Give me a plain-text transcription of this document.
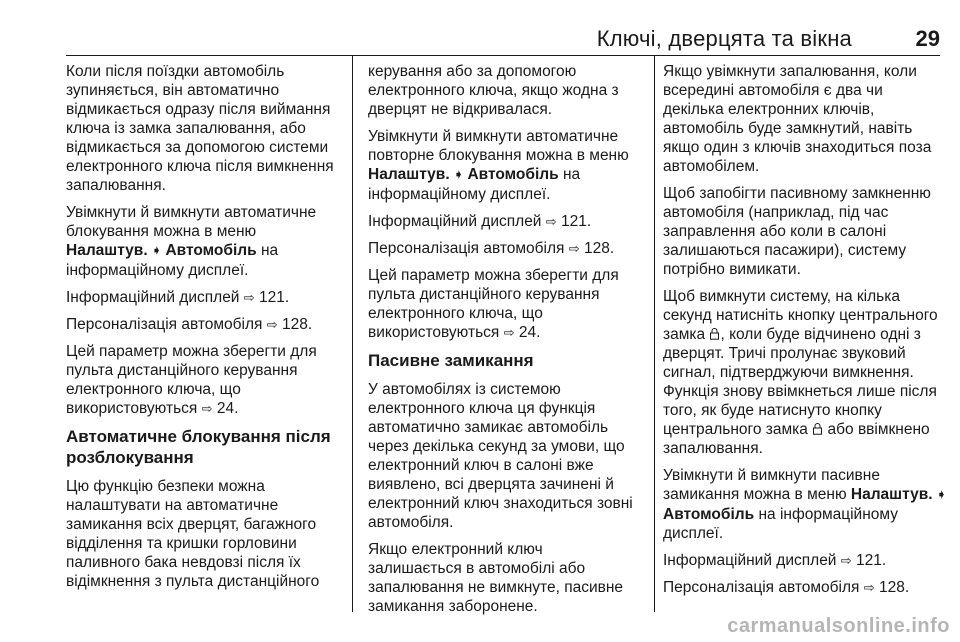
Ключі, дверцята та вікна	29

Коли після поїздки автомобіль зупиняється, він автоматично відмикається одразу після виймання ключа із замка запалювання, або відмикається за допомогою системи електронного ключа після вимкнення запалювання.

Увімкнути й вимкнути автоматичне блокування можна в меню Налаштув. ➧ Автомобіль на інформаційному дисплеї.

Інформаційний дисплей ⇨ 121.

Персоналізація автомобіля ⇨ 128.

Цей параметр можна зберегти для пульта дистанційного керування електронного ключа, що використовуються ⇨ 24.

Автоматичне блокування після розблокування

Цю функцію безпеки можна налаштувати на автоматичне замикання всіх дверцят, багажного відділення та кришки горловини паливного бака невдовзі після їх відімкнення з пульта дистанційного

керування або за допомогою електронного ключа, якщо жодна з дверцят не відкривалася.

Увімкнути й вимкнути автоматичне повторне блокування можна в меню Налаштув. ➧ Автомобіль на інформаційному дисплеї.

Інформаційний дисплей ⇨ 121.

Персоналізація автомобіля ⇨ 128.

Цей параметр можна зберегти для пульта дистанційного керування електронного ключа, що використовуються ⇨ 24.

Пасивне замикання

У автомобілях із системою електронного ключа ця функція автоматично замикає автомобіль через декілька секунд за умови, що електронний ключ в салоні вже виявлено, всі дверцята зачинені й електронний ключ знаходиться зовні автомобіля.

Якщо електронний ключ залишається в автомобілі або запалювання не вимкнуте, пасивне замикання заборонене.

Якщо увімкнути запалювання, коли всередині автомобіля є два чи декілька електронних ключів, автомобіль буде замкнутий, навіть якщо один з ключів знаходиться поза автомобілем.

Щоб запобігти пасивному замкненню автомобіля (наприклад, під час заправлення або коли в салоні залишаються пасажири), систему потрібно вимикати.

Щоб вимкнути систему, на кілька секунд натисніть кнопку центрального замка , коли буде відчинено одні з дверцят. Тричі пролунає звуковий сигнал, підтверджуючи вимкнення. Функція знову ввімкнеться лише після того, як буде натиснуто кнопку центрального замка або ввімкнено запалювання.

Увімкнути й вимкнути пасивне замикання можна в меню Налаштув. ➧ Автомобіль на інформаційному дисплеї.

Інформаційний дисплей ⇨ 121.

Персоналізація автомобіля ⇨ 128.

carmanualsonline.info
